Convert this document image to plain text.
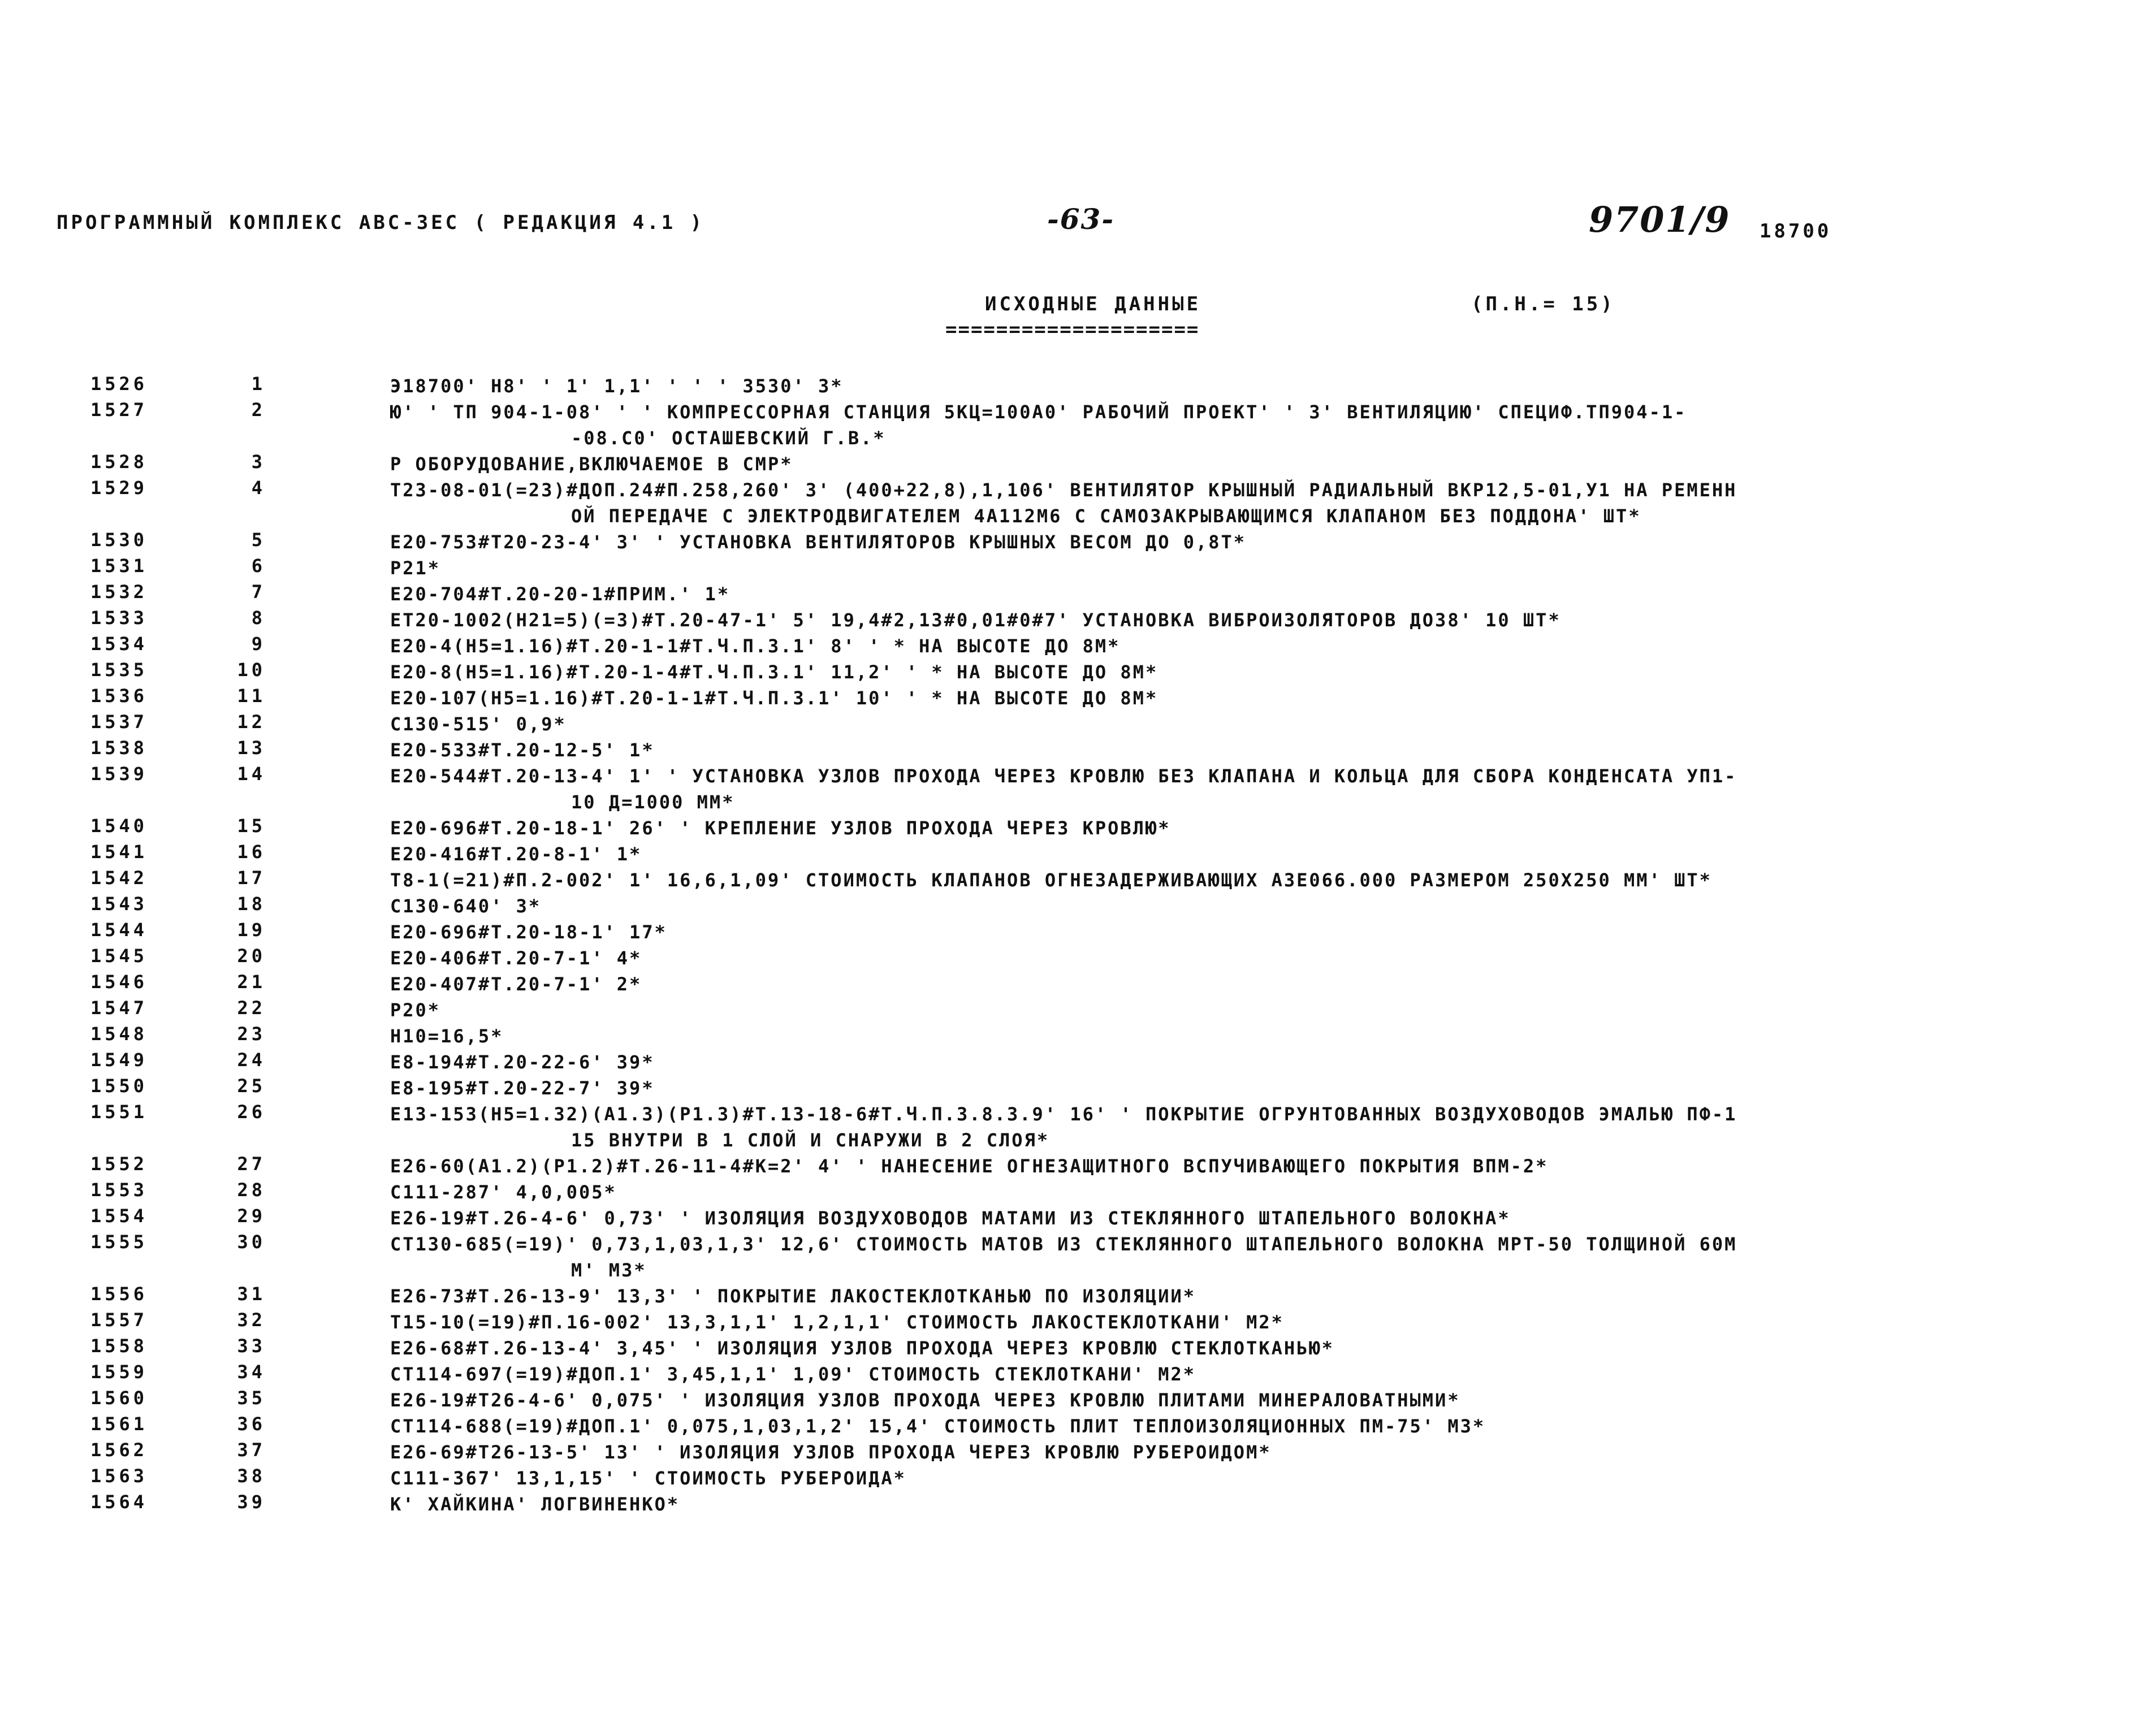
ПРОГРАММНЫЙ КОМПЛЕКС АВС-ЗЕС ( РЕДАКЦИЯ 4.1 )	-63-	9701/9 18700
ИСХОДНЫЕ ДАННЫЕ	(П.Н.= 15)
====================
1526	1	Э18700' Н8' ' 1' 1,1' ' ' ' 3530' 3*
1527	2	Ю' ' ТП 904-1-08' ' ' КОМПРЕССОРНАЯ СТАНЦИЯ 5КЦ=100А0' РАБОЧИЙ ПРОЕКТ' ' 3' ВЕНТИЛЯЦИЮ' СПЕЦИФ.ТП904-1-
-08.С0' ОСТАШЕВСКИЙ Г.В.*
1528	3	Р ОБОРУДОВАНИЕ,ВКЛЮЧАЕМОЕ В СМР*
1529	4	Т23-08-01(=23)#ДОП.24#П.258,260' 3' (400+22,8),1,106' ВЕНТИЛЯТОР КРЫШНЫЙ РАДИАЛЬНЫЙ ВКР12,5-01,У1 НА РЕМЕНН
ОЙ ПЕРЕДАЧЕ С ЭЛЕКТРОДВИГАТЕЛЕМ 4А112М6 С САМОЗАКРЫВАЮЩИМСЯ КЛАПАНОМ БЕЗ ПОДДОНА' ШТ*
1530	5	Е20-753#Т20-23-4' 3' ' УСТАНОВКА ВЕНТИЛЯТОРОВ КРЫШНЫХ ВЕСОМ ДО 0,8Т*
1531	6	Р21*
1532	7	Е20-704#Т.20-20-1#ПРИМ.' 1*
1533	8	ЕТ20-1002(Н21=5)(=3)#Т.20-47-1' 5' 19,4#2,13#0,01#0#7' УСТАНОВКА ВИБРОИЗОЛЯТОРОВ ДО38' 10 ШТ*
1534	9	Е20-4(Н5=1.16)#Т.20-1-1#Т.Ч.П.3.1' 8' ' * НА ВЫСОТЕ ДО 8М*
1535	10	Е20-8(Н5=1.16)#Т.20-1-4#Т.Ч.П.3.1' 11,2' ' * НА ВЫСОТЕ ДО 8М*
1536	11	Е20-107(Н5=1.16)#Т.20-1-1#Т.Ч.П.3.1' 10' ' * НА ВЫСОТЕ ДО 8М*
1537	12	С130-515' 0,9*
1538	13	Е20-533#Т.20-12-5' 1*
1539	14	Е20-544#Т.20-13-4' 1' ' УСТАНОВКА УЗЛОВ ПРОХОДА ЧЕРЕЗ КРОВЛЮ БЕЗ КЛАПАНА И КОЛЬЦА ДЛЯ СБОРА КОНДЕНСАТА УП1-
10 Д=1000 ММ*
1540	15	Е20-696#Т.20-18-1' 26' ' КРЕПЛЕНИЕ УЗЛОВ ПРОХОДА ЧЕРЕЗ КРОВЛЮ*
1541	16	Е20-416#Т.20-8-1' 1*
1542	17	Т8-1(=21)#П.2-002' 1' 16,6,1,09' СТОИМОСТЬ КЛАПАНОВ ОГНЕЗАДЕРЖИВАЮЩИХ АЗЕ066.000 РАЗМЕРОМ 250Х250 ММ' ШТ*
1543	18	С130-640' 3*
1544	19	Е20-696#Т.20-18-1' 17*
1545	20	Е20-406#Т.20-7-1' 4*
1546	21	Е20-407#Т.20-7-1' 2*
1547	22	Р20*
1548	23	Н10=16,5*
1549	24	Е8-194#Т.20-22-6' 39*
1550	25	Е8-195#Т.20-22-7' 39*
1551	26	Е13-153(Н5=1.32)(А1.3)(Р1.3)#Т.13-18-6#Т.Ч.П.3.8.3.9' 16' ' ПОКРЫТИЕ ОГРУНТОВАННЫХ ВОЗДУХОВОДОВ ЭМАЛЬЮ ПФ-1
15 ВНУТРИ В 1 СЛОЙ И СНАРУЖИ В 2 СЛОЯ*
1552	27	Е26-60(А1.2)(Р1.2)#Т.26-11-4#К=2' 4' ' НАНЕСЕНИЕ ОГНЕЗАЩИТНОГО ВСПУЧИВАЮЩЕГО ПОКРЫТИЯ ВПМ-2*
1553	28	С111-287' 4,0,005*
1554	29	Е26-19#Т.26-4-6' 0,73' ' ИЗОЛЯЦИЯ ВОЗДУХОВОДОВ МАТАМИ ИЗ СТЕКЛЯННОГО ШТАПЕЛЬНОГО ВОЛОКНА*
1555	30	СТ130-685(=19)' 0,73,1,03,1,3' 12,6' СТОИМОСТЬ МАТОВ ИЗ СТЕКЛЯННОГО ШТАПЕЛЬНОГО ВОЛОКНА МРТ-50 ТОЛЩИНОЙ 60М
М' М3*
1556	31	Е26-73#Т.26-13-9' 13,3' ' ПОКРЫТИЕ ЛАКОСТЕКЛОТКАНЬЮ ПО ИЗОЛЯЦИИ*
1557	32	Т15-10(=19)#П.16-002' 13,3,1,1' 1,2,1,1' СТОИМОСТЬ ЛАКОСТЕКЛОТКАНИ' М2*
1558	33	Е26-68#Т.26-13-4' 3,45' ' ИЗОЛЯЦИЯ УЗЛОВ ПРОХОДА ЧЕРЕЗ КРОВЛЮ СТЕКЛОТКАНЬЮ*
1559	34	СТ114-697(=19)#ДОП.1' 3,45,1,1' 1,09' СТОИМОСТЬ СТЕКЛОТКАНИ' М2*
1560	35	Е26-19#Т26-4-6' 0,075' ' ИЗОЛЯЦИЯ УЗЛОВ ПРОХОДА ЧЕРЕЗ КРОВЛЮ ПЛИТАМИ МИНЕРАЛОВАТНЫМИ*
1561	36	СТ114-688(=19)#ДОП.1' 0,075,1,03,1,2' 15,4' СТОИМОСТЬ ПЛИТ ТЕПЛОИЗОЛЯЦИОННЫХ ПМ-75' М3*
1562	37	Е26-69#Т26-13-5' 13' ' ИЗОЛЯЦИЯ УЗЛОВ ПРОХОДА ЧЕРЕЗ КРОВЛЮ РУБЕРОИДОМ*
1563	38	С111-367' 13,1,15' ' СТОИМОСТЬ РУБЕРОИДА*
1564	39	К' ХАЙКИНА' ЛОГВИНЕНКО*
